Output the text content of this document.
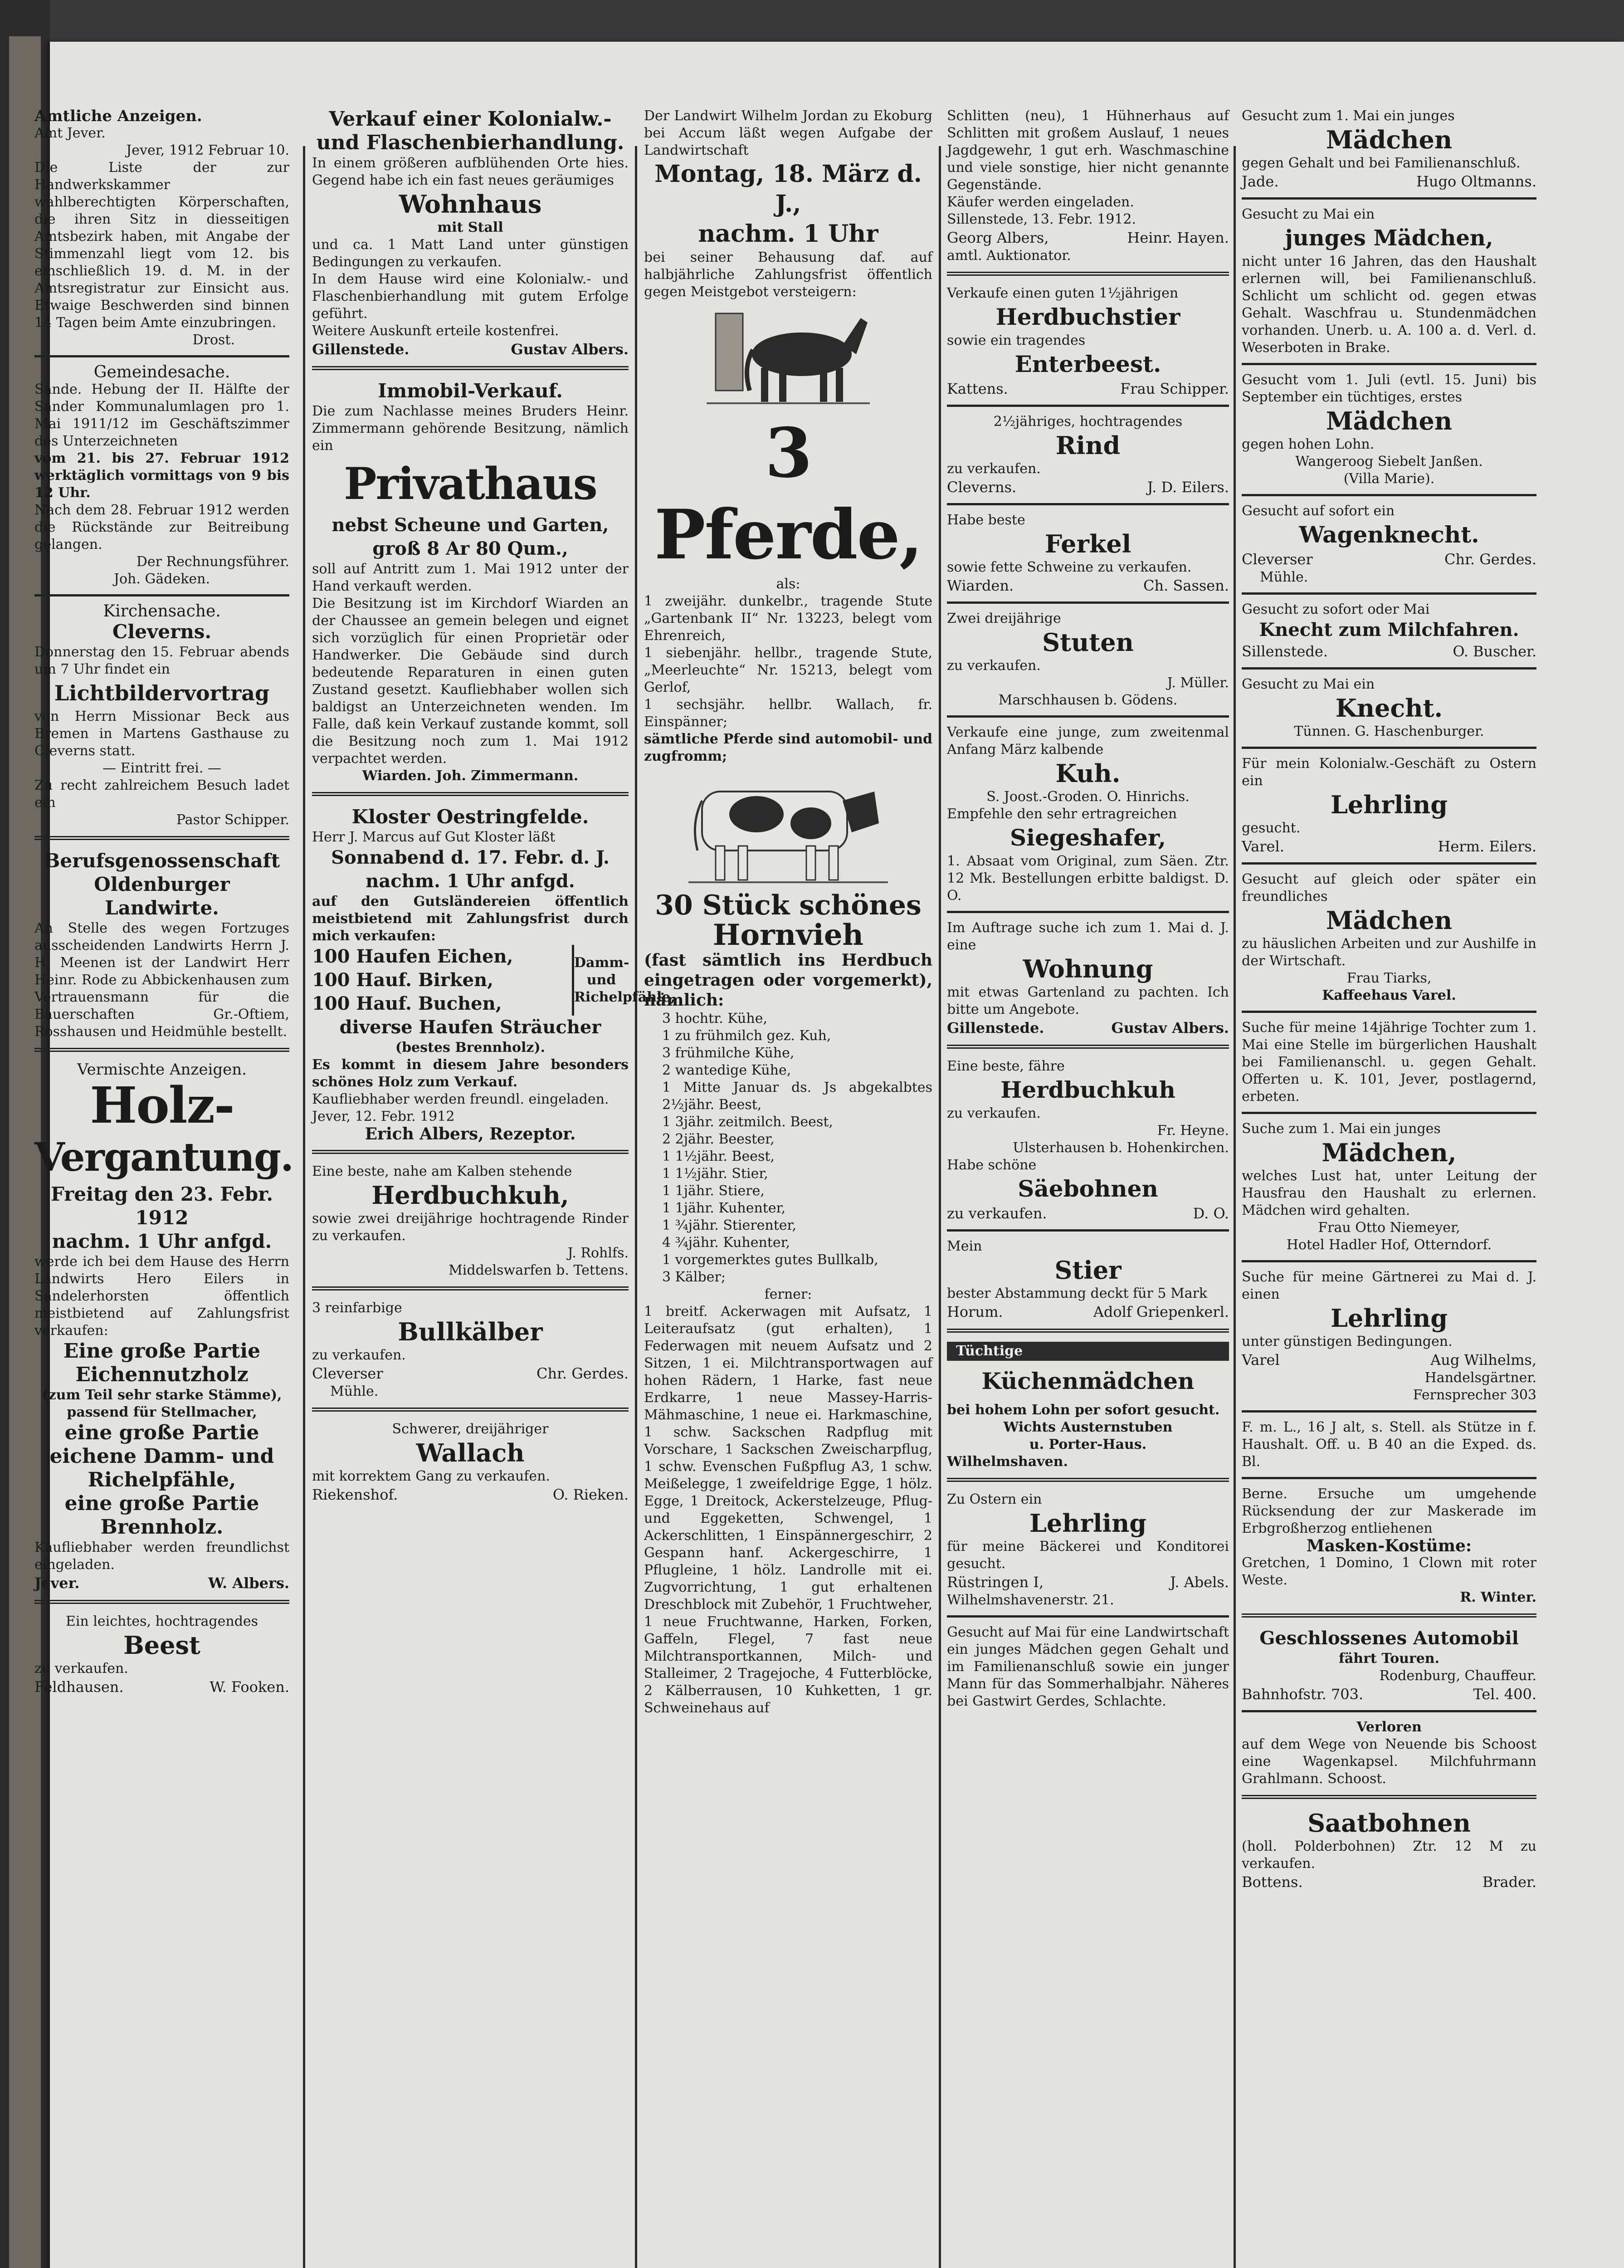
Amtliche Anzeigen.

Amt Jever.

Jever, 1912 Februar 10.

Die Liste der zur Handwerkskammer wahlberechtigten Körperschaften, die ihren Sitz in diesseitigen Amtsbezirk haben, mit Angabe der Stimmenzahl liegt vom 12. bis einschließlich 19. d. M. in der Amtsregistratur zur Einsicht aus. Etwaige Beschwerden sind binnen 14 Tagen beim Amte einzubringen.

Drost.

Gemeindesache.

Sande. Hebung der II. Hälfte der Sander Kommunalumlagen pro 1. Mai 1911/12 im Geschäftszimmer des Unterzeichneten

vom 21. bis 27. Februar 1912 werktäglich vormittags von 9 bis 12 Uhr.

Nach dem 28. Februar 1912 werden die Rückstände zur Beitreibung gelangen.

Der Rechnungsführer.

Joh. Gädeken.

Kirchensache.

Cleverns.

Donnerstag den 15. Februar abends um 7 Uhr findet ein

Lichtbildervortrag

von Herrn Missionar Beck aus Bremen in Martens Gasthause zu Cleverns statt.

— Eintritt frei. —

Zu recht zahlreichem Besuch ladet ein

Pastor Schipper.

Berufsgenossenschaft

Oldenburger Landwirte.

An Stelle des wegen Fortzuges ausscheidenden Landwirts Herrn J. H. Meenen ist der Landwirt Herr Heinr. Rode zu Abbickenhausen zum Vertrauensmann für die Bauerschaften Gr.-Oftiem, Rosshausen und Heidmühle bestellt.

Vermischte Anzeigen.

Holz-

Vergantung.

Freitag den 23. Febr. 1912

nachm. 1 Uhr anfgd.

werde ich bei dem Hause des Herrn Landwirts Hero Eilers in Sandelerhorsten öffentlich meistbietend auf Zahlungsfrist verkaufen:

Eine große Partie Eichennutzholz

(zum Teil sehr starke Stämme), passend für Stellmacher,

eine große Partie eichene Damm- und Richelpfähle,

eine große Partie Brennholz.

Kaufliebhaber werden freundlichst eingeladen.

Jever.	W. Albers.

Ein leichtes, hochtragendes

Beest

zu verkaufen.

Feldhausen.	W. Fooken.

Verkauf einer Kolonialw.-

und Flaschenbierhandlung.

In einem größeren aufblühenden Orte hies. Gegend habe ich ein fast neues geräumiges

Wohnhaus

mit Stall

und ca. 1 Matt Land unter günstigen Bedingungen zu verkaufen.

In dem Hause wird eine Kolonialw.- und Flaschenbierhandlung mit gutem Erfolge geführt.

Weitere Auskunft erteile kostenfrei.

Gillenstede.	Gustav Albers.

Immobil-Verkauf.

Die zum Nachlasse meines Bruders Heinr. Zimmermann gehörende Besitzung, nämlich ein

Privathaus

nebst Scheune und Garten, groß 8 Ar 80 Qum.,

soll auf Antritt zum 1. Mai 1912 unter der Hand verkauft werden.

Die Besitzung ist im Kirchdorf Wiarden an der Chaussee an gemein belegen und eignet sich vorzüglich für einen Proprietär oder Handwerker. Die Gebäude sind durch bedeutende Reparaturen in einen guten Zustand gesetzt. Kaufliebhaber wollen sich baldigst an Unterzeichneten wenden. Im Falle, daß kein Verkauf zustande kommt, soll die Besitzung noch zum 1. Mai 1912 verpachtet werden.

Wiarden. Joh. Zimmermann.

Kloster Oestringfelde.

Herr J. Marcus auf Gut Kloster läßt

Sonnabend d. 17. Febr. d. J.

nachm. 1 Uhr anfgd.

auf den Gutsländereien öffentlich meistbietend mit Zahlungsfrist durch mich verkaufen:

100 Haufen Eichen,

100 Hauf. Birken,

100 Hauf. Buchen,

Damm- und Richelpfähle,

diverse Haufen Sträucher

(bestes Brennholz).

Es kommt in diesem Jahre besonders schönes Holz zum Verkauf.

Kaufliebhaber werden freundl. eingeladen.

Jever, 12. Febr. 1912

Erich Albers, Rezeptor.

Eine beste, nahe am Kalben stehende

Herdbuchkuh,

sowie zwei dreijährige hochtragende Rinder zu verkaufen.

J. Rohlfs.

Middelswarfen b. Tettens.

3 reinfarbige

Bullkälber

zu verkaufen.

Cleverser	Chr. Gerdes.

Mühle.

Schwerer, dreijähriger

Wallach

mit korrektem Gang zu verkaufen.

Riekenshof.	O. Rieken.

Der Landwirt Wilhelm Jordan zu Ekoburg bei Accum läßt wegen Aufgabe der Landwirtschaft

Montag, 18. März d. J.,

nachm. 1 Uhr

bei seiner Behausung daf. auf halbjährliche Zahlungsfrist öffentlich gegen Meistgebot versteigern:

3 Pferde,

als:

1 zweijähr. dunkelbr., tragende Stute „Gartenbank II“ Nr. 13223, belegt vom Ehrenreich,

1 siebenjähr. hellbr., tragende Stute, „Meerleuchte“ Nr. 15213, belegt vom Gerlof,

1 sechsjähr. hellbr. Wallach, fr. Einspänner;

sämtliche Pferde sind automobil- und zugfromm;

30 Stück schönes

Hornvieh

(fast sämtlich ins Herdbuch eingetragen oder vorgemerkt), nämlich:

3 hochtr. Kühe,

1 zu frühmilch gez. Kuh,

3 frühmilche Kühe,

2 wantedige Kühe,

1 Mitte Januar ds. Js abgekalbtes 2½jähr. Beest,

1 3jähr. zeitmilch. Beest,

2 2jähr. Beester,

1 1½jähr. Beest,

1 1½jähr. Stier,

1 1jähr. Stiere,

1 1jähr. Kuhenter,

1 ¾jähr. Stierenter,

4 ¾jähr. Kuhenter,

1 vorgemerktes gutes Bullkalb,

3 Kälber;

ferner:

1 breitf. Ackerwagen mit Aufsatz, 1 Leiteraufsatz (gut erhalten), 1 Federwagen mit neuem Aufsatz und 2 Sitzen, 1 ei. Milchtransportwagen auf hohen Rädern, 1 Harke, fast neue Erdkarre, 1 neue Massey-Harris-Mähmaschine, 1 neue ei. Harkmaschine, 1 schw. Sackschen Radpflug mit Vorschare, 1 Sackschen Zweischarpflug, 1 schw. Evenschen Fußpflug A3, 1 schw. Meißelegge, 1 zweifeldrige Egge, 1 hölz. Egge, 1 Dreitock, Ackerstelzeuge, Pflug- und Eggeketten, Schwengel, 1 Ackerschlitten, 1 Einspännergeschirr, 2 Gespann hanf. Ackergeschirre, 1 Pflugleine, 1 hölz. Landrolle mit ei. Zugvorrichtung, 1 gut erhaltenen Dreschblock mit Zubehör, 1 Fruchtweher, 1 neue Fruchtwanne, Harken, Forken, Gaffeln, Flegel, 7 fast neue Milchtransportkannen, Milch- und Stalleimer, 2 Tragejoche, 4 Futterblöcke, 2 Kälberrausen, 10 Kuhketten, 1 gr. Schweinehaus auf

Schlitten (neu), 1 Hühnerhaus auf Schlitten mit großem Auslauf, 1 neues Jagdgewehr, 1 gut erh. Waschmaschine und viele sonstige, hier nicht genannte Gegenstände.

Käufer werden eingeladen.

Sillenstede, 13. Febr. 1912.

Georg Albers,	Heinr. Hayen.

amtl. Auktionator.

Verkaufe einen guten 1½jährigen

Herdbuchstier

sowie ein tragendes

Enterbeest.

Kattens.	Frau Schipper.

2½jähriges, hochtragendes

Rind

zu verkaufen.

Cleverns.	J. D. Eilers.

Habe beste

Ferkel

sowie fette Schweine zu verkaufen.

Wiarden.	Ch. Sassen.

Zwei dreijährige

Stuten

zu verkaufen.

J. Müller.

Marschhausen b. Gödens.

Verkaufe eine junge, zum zweitenmal Anfang März kalbende

Kuh.

S. Joost.-Groden. O. Hinrichs.

Empfehle den sehr ertragreichen

Siegeshafer,

1. Absaat vom Original, zum Säen. Ztr. 12 Mk. Bestellungen erbitte baldigst. D. O.

Im Auftrage suche ich zum 1. Mai d. J. eine

Wohnung

mit etwas Gartenland zu pachten. Ich bitte um Angebote.

Gillenstede.	Gustav Albers.

Eine beste, fähre

Herdbuchkuh

zu verkaufen.

Fr. Heyne.

Ulsterhausen b. Hohenkirchen.

Habe schöne

Säebohnen

zu verkaufen.	D. O.

Mein

Stier

bester Abstammung deckt für 5 Mark

Horum.	Adolf Griepenkerl.

Tüchtige

Küchenmädchen

bei hohem Lohn per sofort gesucht.

Wichts Austernstuben

u. Porter-Haus.

Wilhelmshaven.

Zu Ostern ein

Lehrling

für meine Bäckerei und Konditorei gesucht.

Rüstringen I,	J. Abels.

Wilhelmshavenerstr. 21.

Gesucht auf Mai für eine Landwirtschaft ein junges Mädchen gegen Gehalt und im Familienanschluß sowie ein junger Mann für das Sommerhalbjahr. Näheres bei Gastwirt Gerdes, Schlachte.

Gesucht zum 1. Mai ein junges

Mädchen

gegen Gehalt und bei Familienanschluß.

Jade.	Hugo Oltmanns.

Gesucht zu Mai ein

junges Mädchen,

nicht unter 16 Jahren, das den Haushalt erlernen will, bei Familienanschluß. Schlicht um schlicht od. gegen etwas Gehalt. Waschfrau u. Stundenmädchen vorhanden. Unerb. u. A. 100 a. d. Verl. d. Weserboten in Brake.

Gesucht vom 1. Juli (evtl. 15. Juni) bis September ein tüchtiges, erstes

Mädchen

gegen hohen Lohn.

Wangeroog Siebelt Janßen.

(Villa Marie).

Gesucht auf sofort ein

Wagenknecht.

Cleverser	Chr. Gerdes.

Mühle.

Gesucht zu sofort oder Mai

Knecht zum Milchfahren.

Sillenstede.	O. Buscher.

Gesucht zu Mai ein

Knecht.

Tünnen. G. Haschenburger.

Für mein Kolonialw.-Geschäft zu Ostern ein

Lehrling

gesucht.

Varel.	Herm. Eilers.

Gesucht auf gleich oder später ein freundliches

Mädchen

zu häuslichen Arbeiten und zur Aushilfe in der Wirtschaft.

Frau Tiarks,

Kaffeehaus Varel.

Suche für meine 14jährige Tochter zum 1. Mai eine Stelle im bürgerlichen Haushalt bei Familienanschl. u. gegen Gehalt. Offerten u. K. 101, Jever, postlagernd, erbeten.

Suche zum 1. Mai ein junges

Mädchen,

welches Lust hat, unter Leitung der Hausfrau den Haushalt zu erlernen. Mädchen wird gehalten.

Frau Otto Niemeyer,

Hotel Hadler Hof, Otterndorf.

Suche für meine Gärtnerei zu Mai d. J. einen

Lehrling

unter günstigen Bedingungen.

Varel	Aug Wilhelms,

Handelsgärtner.

Fernsprecher 303

F. m. L., 16 J alt, s. Stell. als Stütze in f. Haushalt. Off. u. B 40 an die Exped. ds. Bl.

Berne. Ersuche um umgehende Rücksendung der zur Maskerade im Erbgroßherzog entliehenen

Masken-Kostüme:

Gretchen, 1 Domino, 1 Clown mit roter Weste.

R. Winter.

Geschlossenes Automobil

fährt Touren.

Rodenburg, Chauffeur.

Bahnhofstr. 703.	Tel. 400.

Verloren

auf dem Wege von Neuende bis Schoost eine Wagenkapsel. Milchfuhrmann Grahlmann. Schoost.

Saatbohnen

(holl. Polderbohnen) Ztr. 12 M zu verkaufen.

Bottens.	Brader.
